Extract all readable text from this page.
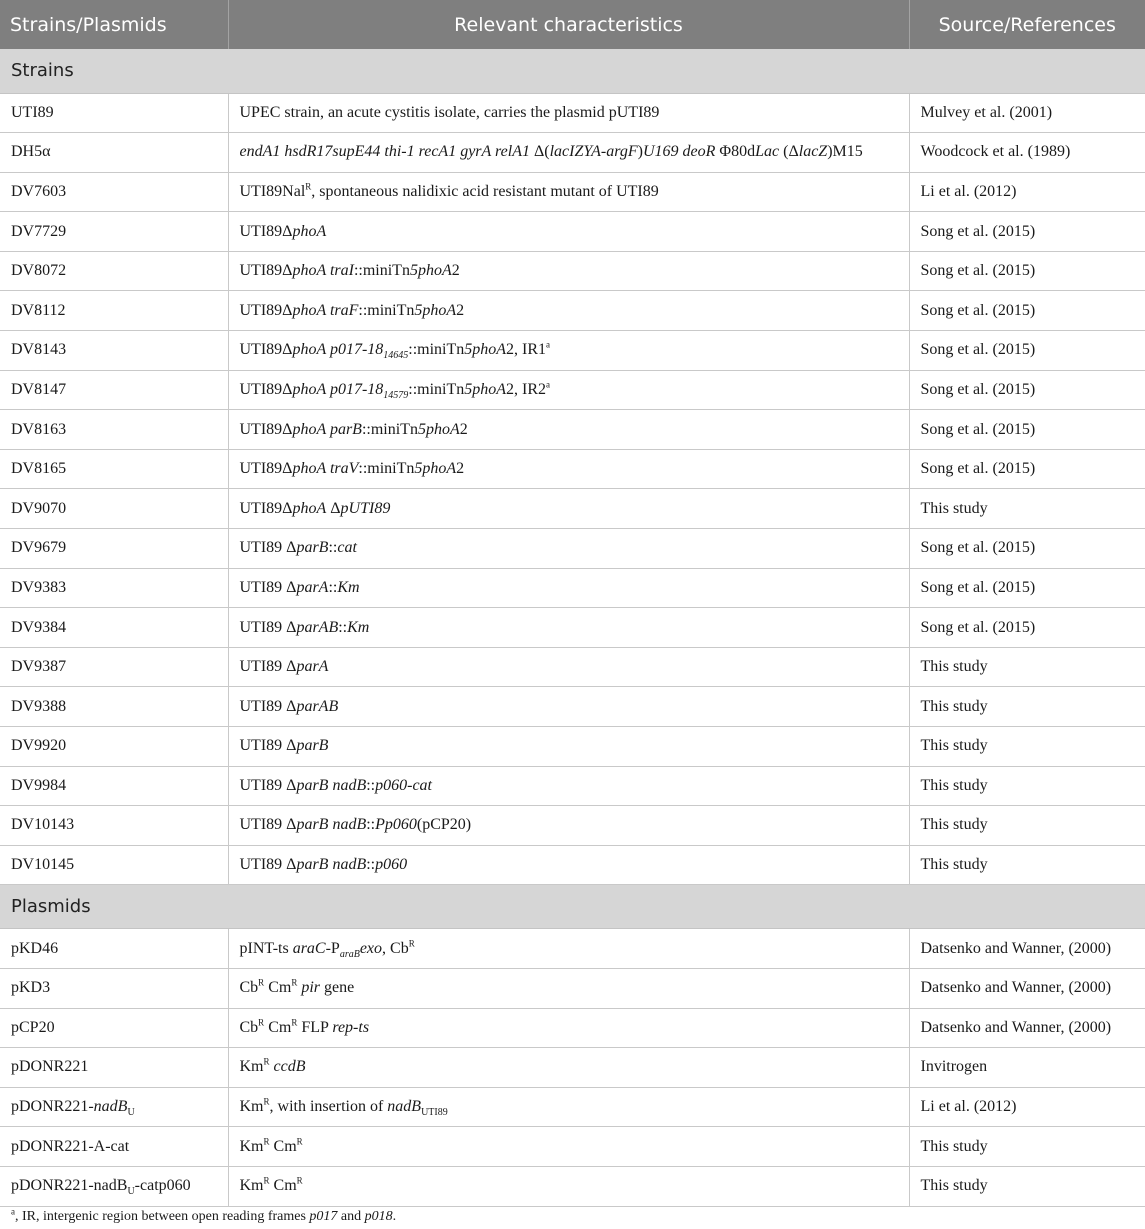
Strains/Plasmids	Relevant characteristics	Source/References
Strains		
UTI89	UPEC strain, an acute cystitis isolate, carries the plasmid pUTI89	Mulvey et al. (2001)
DH5α	endA1 hsdR17supE44 thi-1 recA1 gyrA relA1 Δ(lacIZYA-argF)U169 deoR Φ80dLac (ΔlacZ)M15	Woodcock et al. (1989)
DV7603	UTI89Nal$^R$, spontaneous nalidixic acid resistant mutant of UTI89	Li et al. (2012)
DV7729	UTI89ΔphoA	Song et al. (2015)
DV8072	UTI89ΔphoA traI::miniTn5phoA2	Song et al. (2015)
DV8112	UTI89ΔphoA traF::miniTn5phoA2	Song et al. (2015)
DV8143	UTI89ΔphoA $p017-18_{14645}::miniTn5phoA2$, IR1$^a$	Song et al. (2015)
DV8147	UTI89ΔphoA $p017-18_{14579}::miniTn5phoA2$, IR2$^a$	Song et al. (2015)
DV8163	UTI89ΔphoA parB::miniTn5phoA2	Song et al. (2015)
DV8165	UTI89ΔphoA traV::miniTn5phoA2	Song et al. (2015)
DV9070	UTI89ΔphoA ΔpUTI89	This study
DV9679	UTI89 ΔparB::cat	Song et al. (2015)
DV9383	UTI89 ΔparA::Km	Song et al. (2015)
DV9384	UTI89 ΔparAB::Km	Song et al. (2015)
DV9387	UTI89 ΔparA	This study
DV9388	UTI89 ΔparAB	This study
DV9920	UTI89 ΔparB	This study
DV9984	UTI89 ΔparB nadB::p060-cat	This study
DV10143	UTI89 ΔparB nadB::Pp060(pCP20)	This study
DV10145	UTI89 ΔparB nadB::p060	This study
Plasmids		
pKD46	pINT-ts araC-$P_{araB}exo$, $Cb^R$	Datsenko and Wanner, (2000)
pKD3	$Cb^R$ $Cm^R$ pir gene	Datsenko and Wanner, (2000)
pCP20	$Cb^R$ $Cm^R$ FLP rep-ts	Datsenko and Wanner, (2000)
pDONR221	$Km^R$ ccdB	Invitrogen
pDONR221-nadB$_U$	$Km^R$, with insertion of nadB$_{UTI89}$	Li et al. (2012)
pDONR221-A-cat	$Km^R$ $Cm^R$	This study
pDONR221-nadB$_U$-catp060	$Km^R$ $Cm^R$	This study
$^a$, IR, intergenic region between open reading frames p017 and p018.
